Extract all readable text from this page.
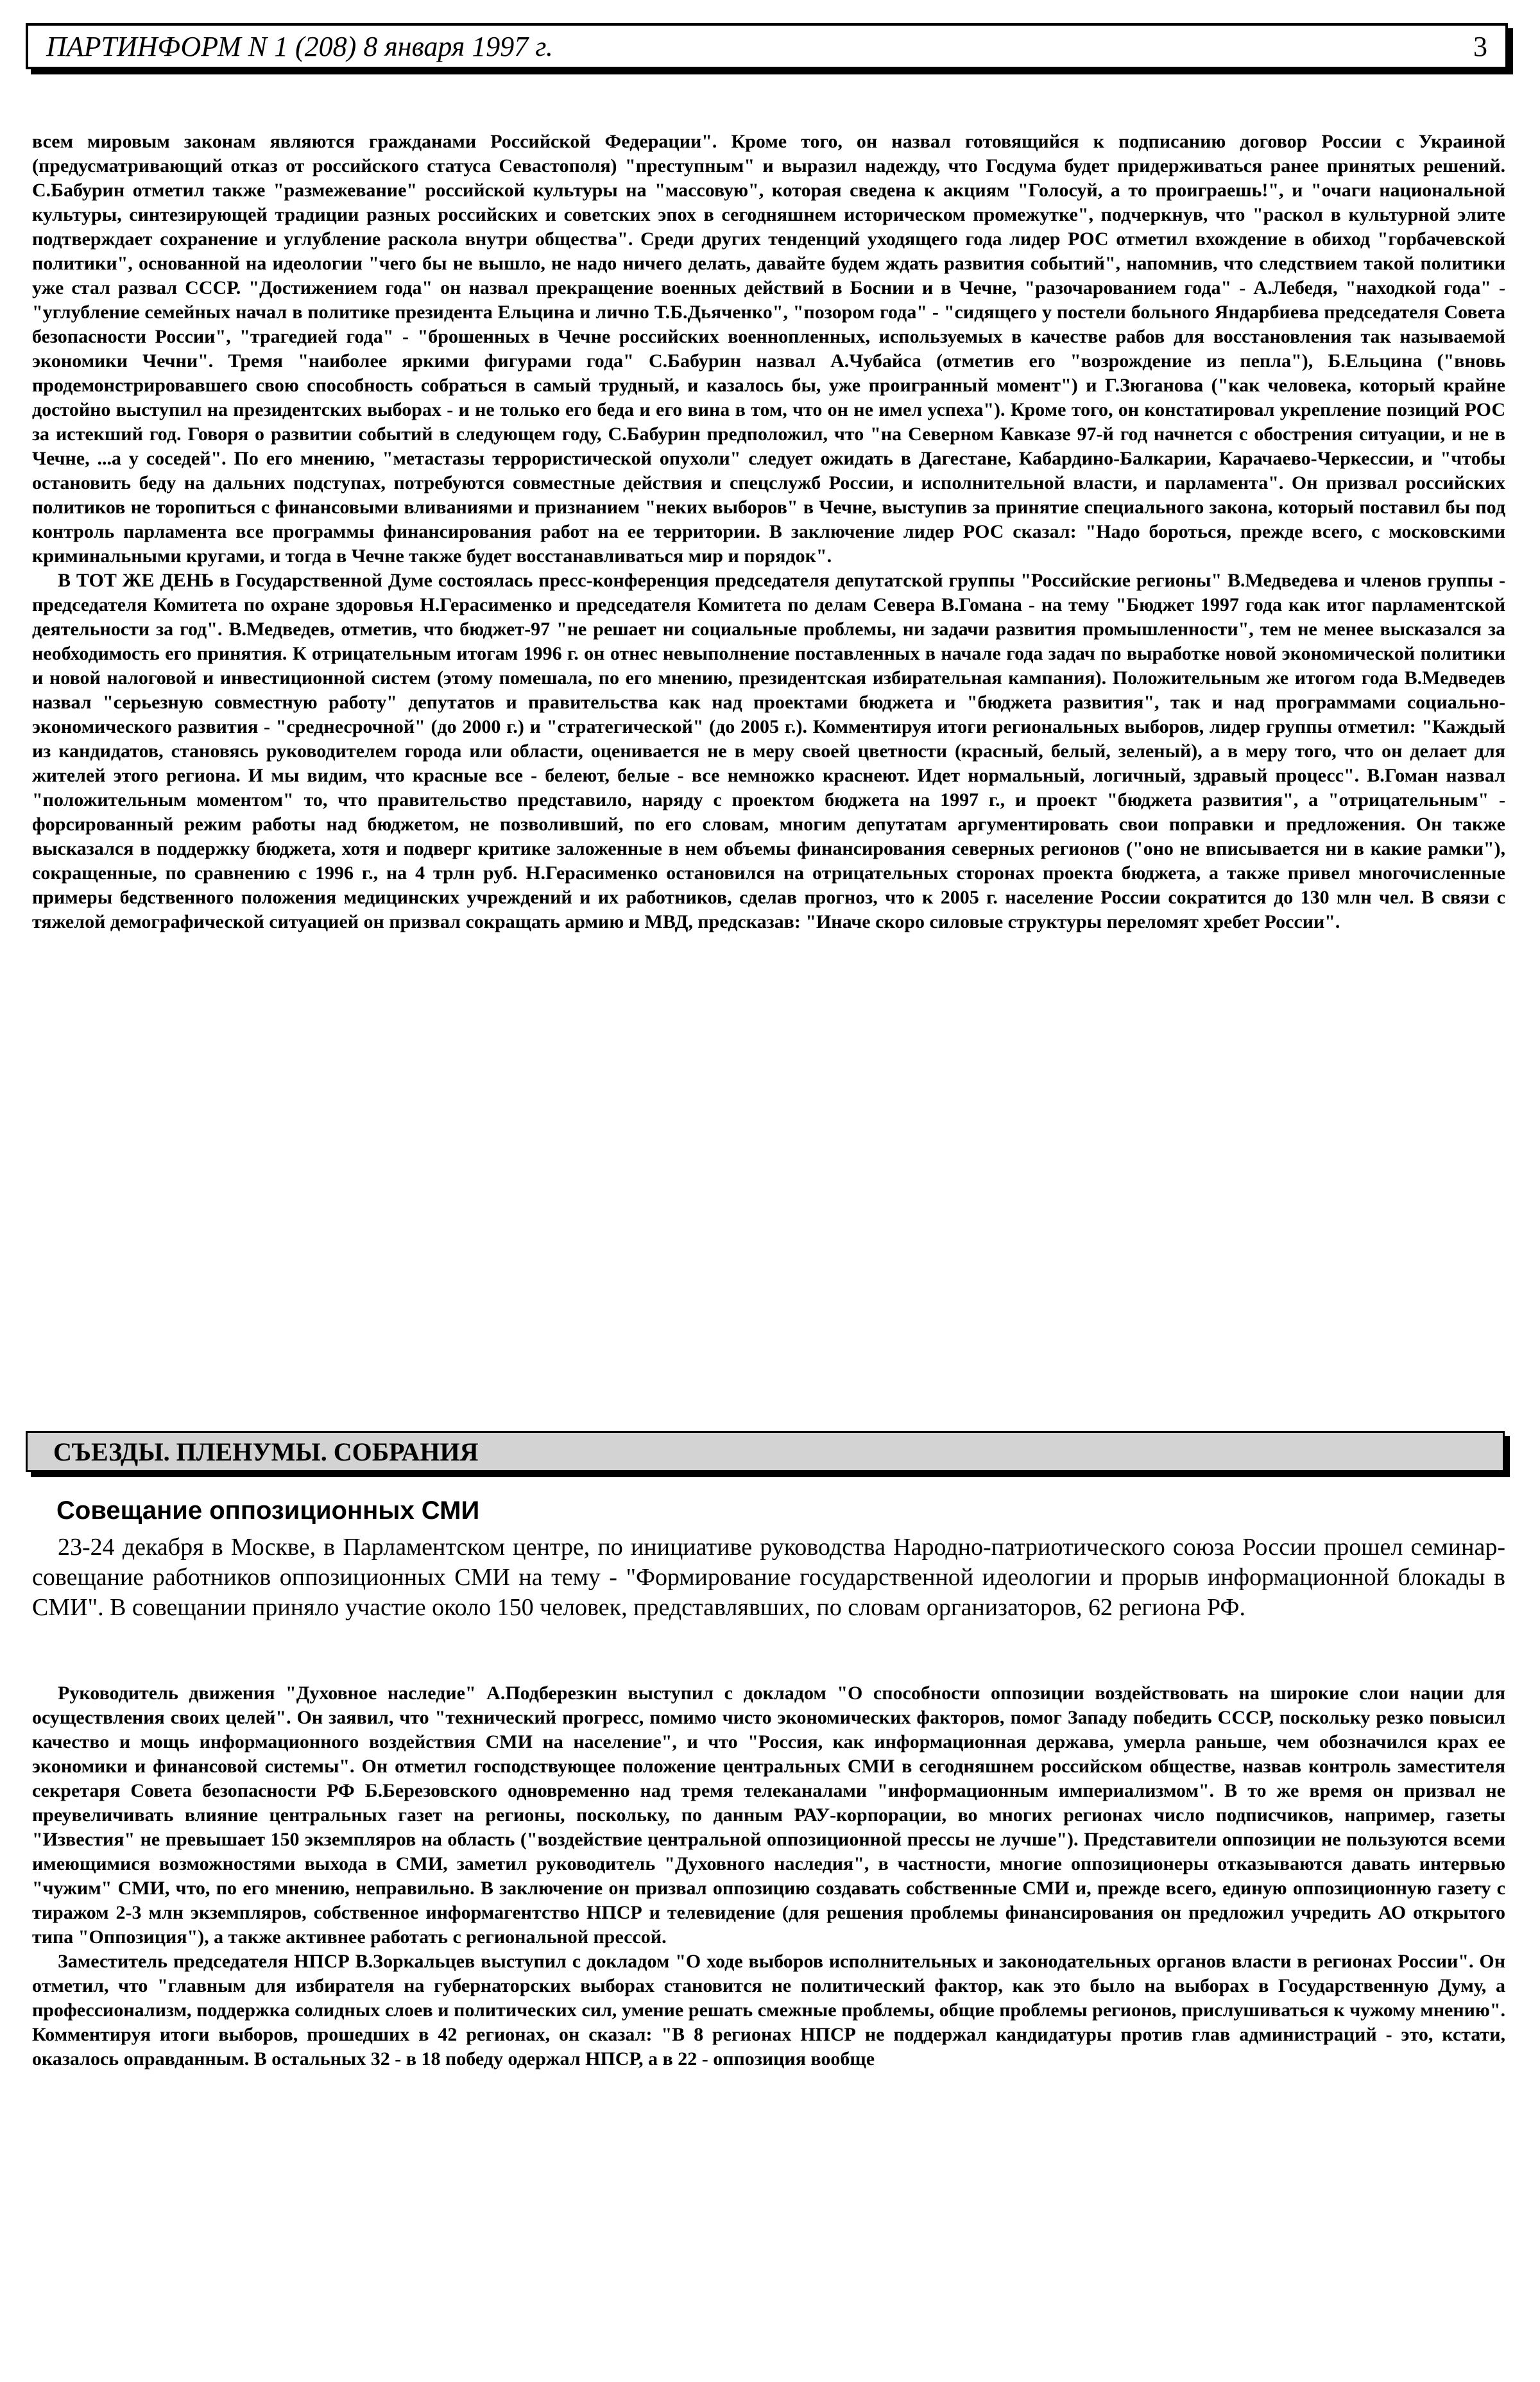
ПАРТИНФОРМ N 1 (208) 8 января 1997 г.	3

всем мировым законам являются гражданами Российской Федерации". Кроме того, он назвал готовящийся к подписанию договор России с Украиной (предусматривающий отказ от российского статуса Севастополя) "преступным" и выразил надежду, что Госдума будет придерживаться ранее принятых решений. С.Бабурин отметил также "размежевание" российской культуры на "массовую", которая сведена к акциям "Голосуй, а то проиграешь!", и "очаги национальной культуры, синтезирующей традиции разных российских и советских эпох в сегодняшнем историческом промежутке", подчеркнув, что "раскол в культурной элите подтверждает сохранение и углубление раскола внутри общества". Среди других тенденций уходящего года лидер РОС отметил вхождение в обиход "горбачевской политики", основанной на идеологии "чего бы не вышло, не надо ничего делать, давайте будем ждать развития событий", напомнив, что следствием такой политики уже стал развал СССР. "Достижением года" он назвал прекращение военных действий в Боснии и в Чечне, "разочарованием года" - А.Лебедя, "находкой года" - "углубление семейных начал в политике президента Ельцина и лично Т.Б.Дьяченко", "позором года" - "сидящего у постели больного Яндарбиева председателя Совета безопасности России", "трагедией года" - "брошенных в Чечне российских военнопленных, используемых в качестве рабов для восстановления так называемой экономики Чечни". Тремя "наиболее яркими фигурами года" С.Бабурин назвал А.Чубайса (отметив его "возрождение из пепла"), Б.Ельцина ("вновь продемонстрировавшего свою способность собраться в самый трудный, и казалось бы, уже проигранный момент") и Г.Зюганова ("как человека, который крайне достойно выступил на президентских выборах - и не только его беда и его вина в том, что он не имел успеха"). Кроме того, он констатировал укрепление позиций РОС за истекший год. Говоря о развитии событий в следующем году, С.Бабурин предположил, что "на Северном Кавказе 97-й год начнется с обострения ситуации, и не в Чечне, ...а у соседей". По его мнению, "метастазы террористической опухоли" следует ожидать в Дагестане, Кабардино-Балкарии, Карачаево-Черкессии, и "чтобы остановить беду на дальних подступах, потребуются совместные действия и спецслужб России, и исполнительной власти, и парламента". Он призвал российских политиков не торопиться с финансовыми вливаниями и признанием "неких выборов" в Чечне, выступив за принятие специального закона, который поставил бы под контроль парламента все программы финансирования работ на ее территории. В заключение лидер РОС сказал: "Надо бороться, прежде всего, с московскими криминальными кругами, и тогда в Чечне также будет восстанавливаться мир и порядок".

В ТОТ ЖЕ ДЕНЬ в Государственной Думе состоялась пресс-конференция председателя депутатской группы "Российские регионы" В.Медведева и членов группы - председателя Комитета по охране здоровья Н.Герасименко и председателя Комитета по делам Севера В.Гомана - на тему "Бюджет 1997 года как итог парламентской деятельности за год". В.Медведев, отметив, что бюджет-97 "не решает ни социальные проблемы, ни задачи развития промышленности", тем не менее высказался за необходимость его принятия. К отрицательным итогам 1996 г. он отнес невыполнение поставленных в начале года задач по выработке новой экономической политики и новой налоговой и инвестиционной систем (этому помешала, по его мнению, президентская избирательная кампания). Положительным же итогом года В.Медведев назвал "серьезную совместную работу" депутатов и правительства как над проектами бюджета и "бюджета развития", так и над программами социально-экономического развития - "среднесрочной" (до 2000 г.) и "стратегической" (до 2005 г.). Комментируя итоги региональных выборов, лидер группы отметил: "Каждый из кандидатов, становясь руководителем города или области, оценивается не в меру своей цветности (красный, белый, зеленый), а в меру того, что он делает для жителей этого региона. И мы видим, что красные все - белеют, белые - все немножко краснеют. Идет нормальный, логичный, здравый процесс". В.Гоман назвал "положительным моментом" то, что правительство представило, наряду с проектом бюджета на 1997 г., и проект "бюджета развития", а "отрицательным" - форсированный режим работы над бюджетом, не позволивший, по его словам, многим депутатам аргументировать свои поправки и предложения. Он также высказался в поддержку бюджета, хотя и подверг критике заложенные в нем объемы финансирования северных регионов ("оно не вписывается ни в какие рамки"), сокращенные, по сравнению с 1996 г., на 4 трлн руб. Н.Герасименко остановился на отрицательных сторонах проекта бюджета, а также привел многочисленные примеры бедственного положения медицинских учреждений и их работников, сделав прогноз, что к 2005 г. население России сократится до 130 млн чел. В связи с тяжелой демографической ситуацией он призвал сокращать армию и МВД, предсказав: "Иначе скоро силовые структуры переломят хребет России".

СЪЕЗДЫ. ПЛЕНУМЫ. СОБРАНИЯ
Совещание оппозиционных СМИ

23-24 декабря в Москве, в Парламентском центре, по инициативе руководства Народно-патриотического союза России прошел семинар-совещание работников оппозиционных СМИ на тему - "Формирование государственной идеологии и прорыв информационной блокады в СМИ". В совещании приняло участие около 150 человек, представлявших, по словам организаторов, 62 региона РФ.

Руководитель движения "Духовное наследие" А.Подберезкин выступил с докладом "О способности оппозиции воздействовать на широкие слои нации для осуществления своих целей". Он заявил, что "технический прогресс, помимо чисто экономических факторов, помог Западу победить СССР, поскольку резко повысил качество и мощь информационного воздействия СМИ на население", и что "Россия, как информационная держава, умерла раньше, чем обозначился крах ее экономики и финансовой системы". Он отметил господствующее положение центральных СМИ в сегодняшнем российском обществе, назвав контроль заместителя секретаря Совета безопасности РФ Б.Березовского одновременно над тремя телеканалами "информационным империализмом". В то же время он призвал не преувеличивать влияние центральных газет на регионы, поскольку, по данным РАУ-корпорации, во многих регионах число подписчиков, например, газеты "Известия" не превышает 150 экземпляров на область ("воздействие центральной оппозиционной прессы не лучше"). Представители оппозиции не пользуются всеми имеющимися возможностями выхода в СМИ, заметил руководитель "Духовного наследия", в частности, многие оппозиционеры отказываются давать интервью "чужим" СМИ, что, по его мнению, неправильно. В заключение он призвал оппозицию создавать собственные СМИ и, прежде всего, единую оппозиционную газету с тиражом 2-3 млн экземпляров, собственное информагентство НПСР и телевидение (для решения проблемы финансирования он предложил учредить АО открытого типа "Оппозиция"), а также активнее работать с региональной прессой.

Заместитель председателя НПСР В.Зоркальцев выступил с докладом "О ходе выборов исполнительных и законодательных органов власти в регионах России". Он отметил, что "главным для избирателя на губернаторских выборах становится не политический фактор, как это было на выборах в Государственную Думу, а профессионализм, поддержка солидных слоев и политических сил, умение решать смежные проблемы, общие проблемы регионов, прислушиваться к чужому мнению". Комментируя итоги выборов, прошедших в 42 регионах, он сказал: "В 8 регионах НПСР не поддержал кандидатуры против глав администраций - это, кстати, оказалось оправданным. В остальных 32 - в 18 победу одержал НПСР, а в 22 - оппозиция вообще
